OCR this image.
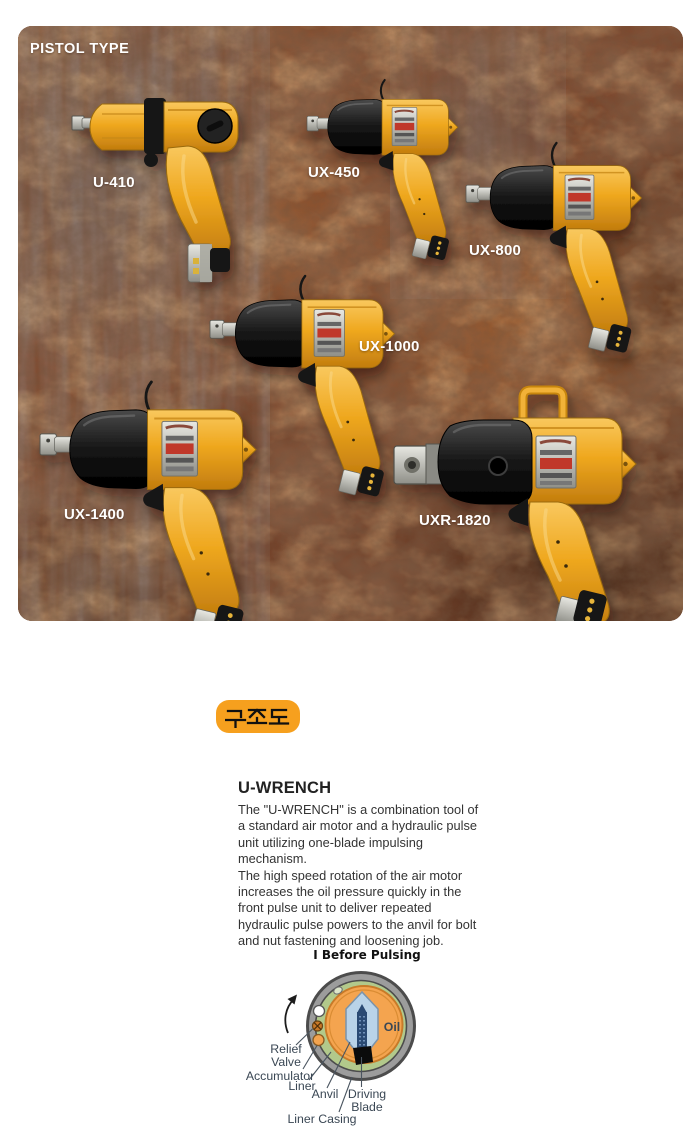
PISTOL TYPE
U-410
UX-450
UX-800
UX-1000
UX-1400	UXR-1820
U-WRENCH

The "U-WRENCH" is a combination tool of a standard air motor and a hydraulic pulse unit utilizing one-blade impulsing mechanism.

The high speed rotation of the air motor increases the oil pressure quickly in the front pulse unit to deliver repeated hydraulic pulse powers to the anvil for bolt and nut fastening and loosening job.

Ⅰ Before Pulsing
Oil
Relief
Valve
Accumulator
Liner
Anvil Driving
Blade
Liner Casing
